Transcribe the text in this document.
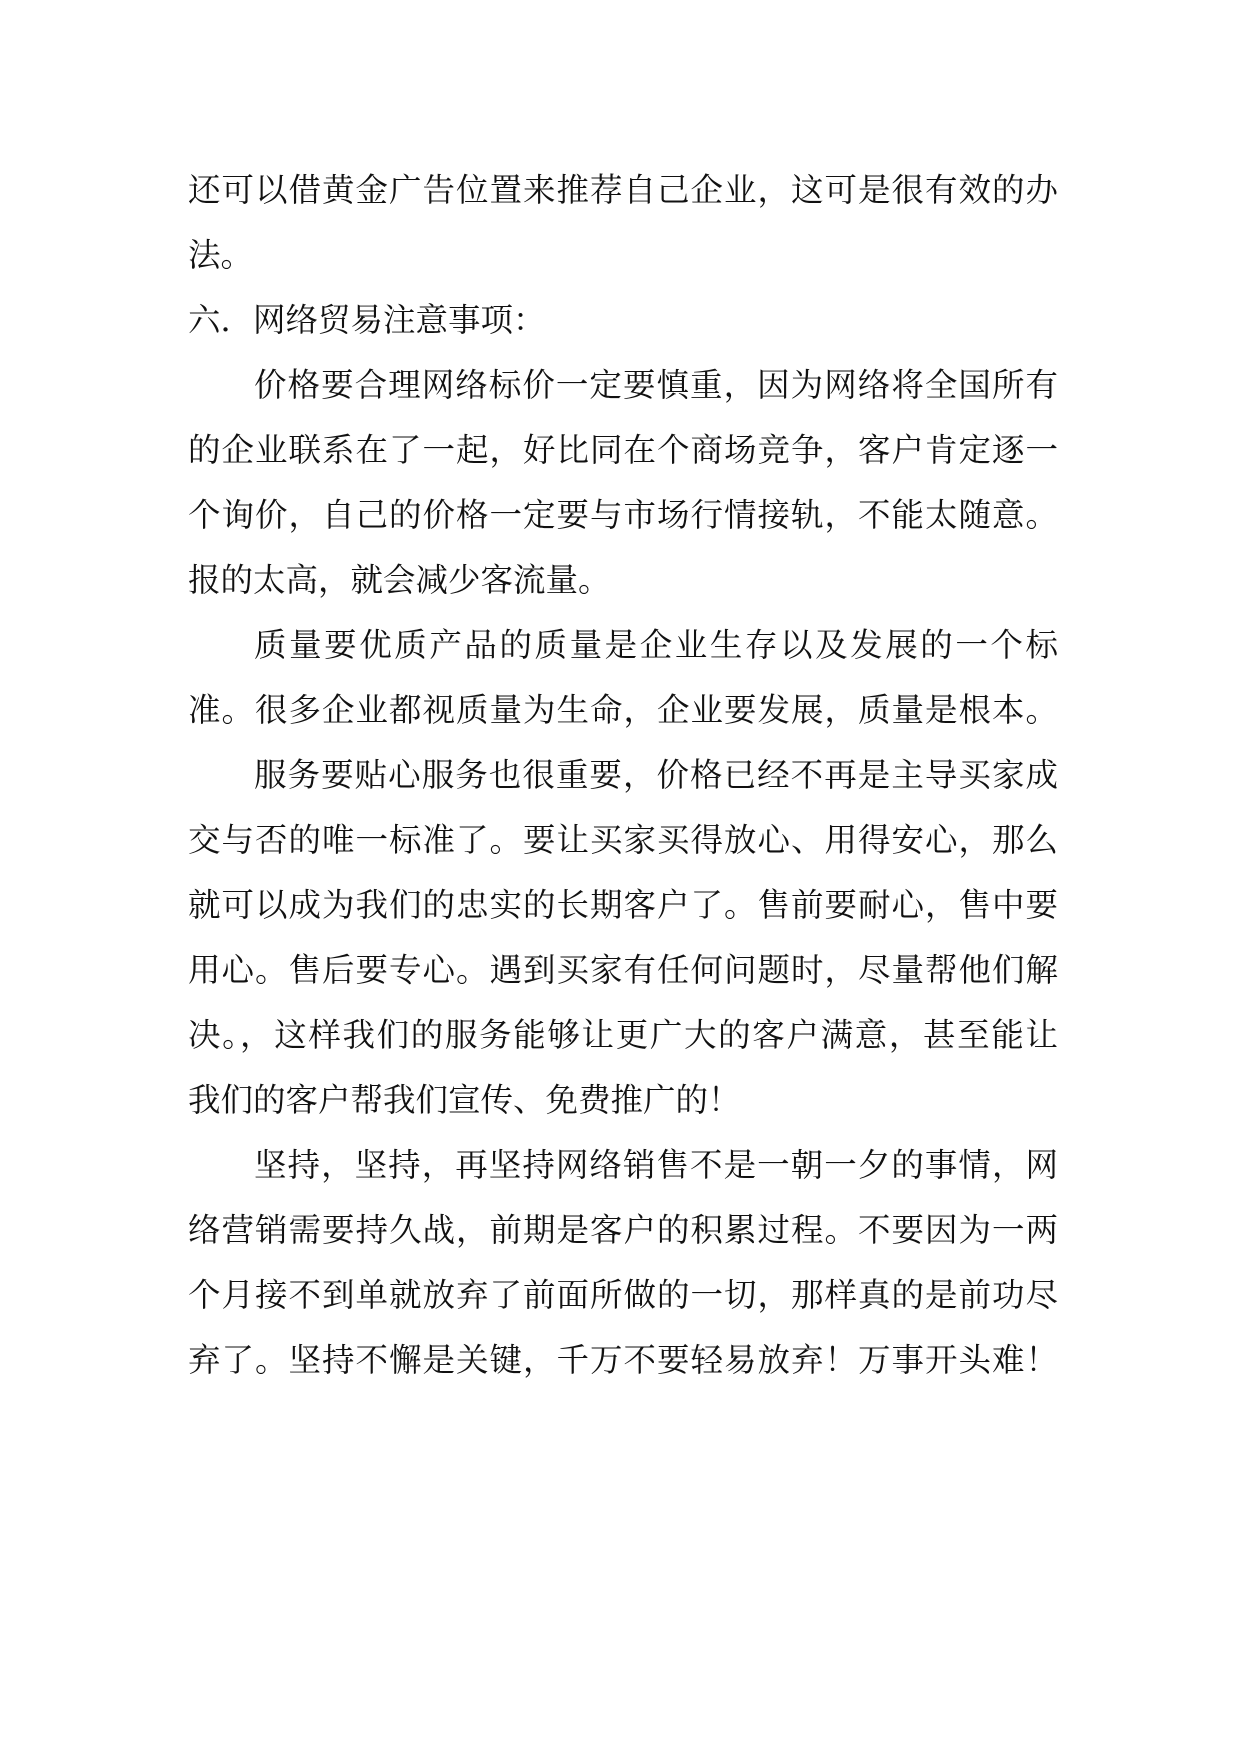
还可以借黄金广告位置来推荐自己企业，这可是很有效的办
法。
六．网络贸易注意事项：
价格要合理网络标价一定要慎重，因为网络将全国所有
的企业联系在了一起，好比同在个商场竞争，客户肯定逐一
个询价，自己的价格一定要与市场行情接轨，不能太随意。
报的太高，就会减少客流量。
质量要优质产品的质量是企业生存以及发展的一个标
准。很多企业都视质量为生命，企业要发展，质量是根本。
服务要贴心服务也很重要，价格已经不再是主导买家成
交与否的唯一标准了。要让买家买得放心、用得安心，那么
就可以成为我们的忠实的长期客户了。售前要耐心，售中要
用心。售后要专心。遇到买家有任何问题时，尽量帮他们解
决。，这样我们的服务能够让更广大的客户满意，甚至能让
我们的客户帮我们宣传、免费推广的！
坚持，坚持，再坚持网络销售不是一朝一夕的事情，网
络营销需要持久战，前期是客户的积累过程。不要因为一两
个月接不到单就放弃了前面所做的一切，那样真的是前功尽
弃了。坚持不懈是关键，千万不要轻易放弃！万事开头难！
